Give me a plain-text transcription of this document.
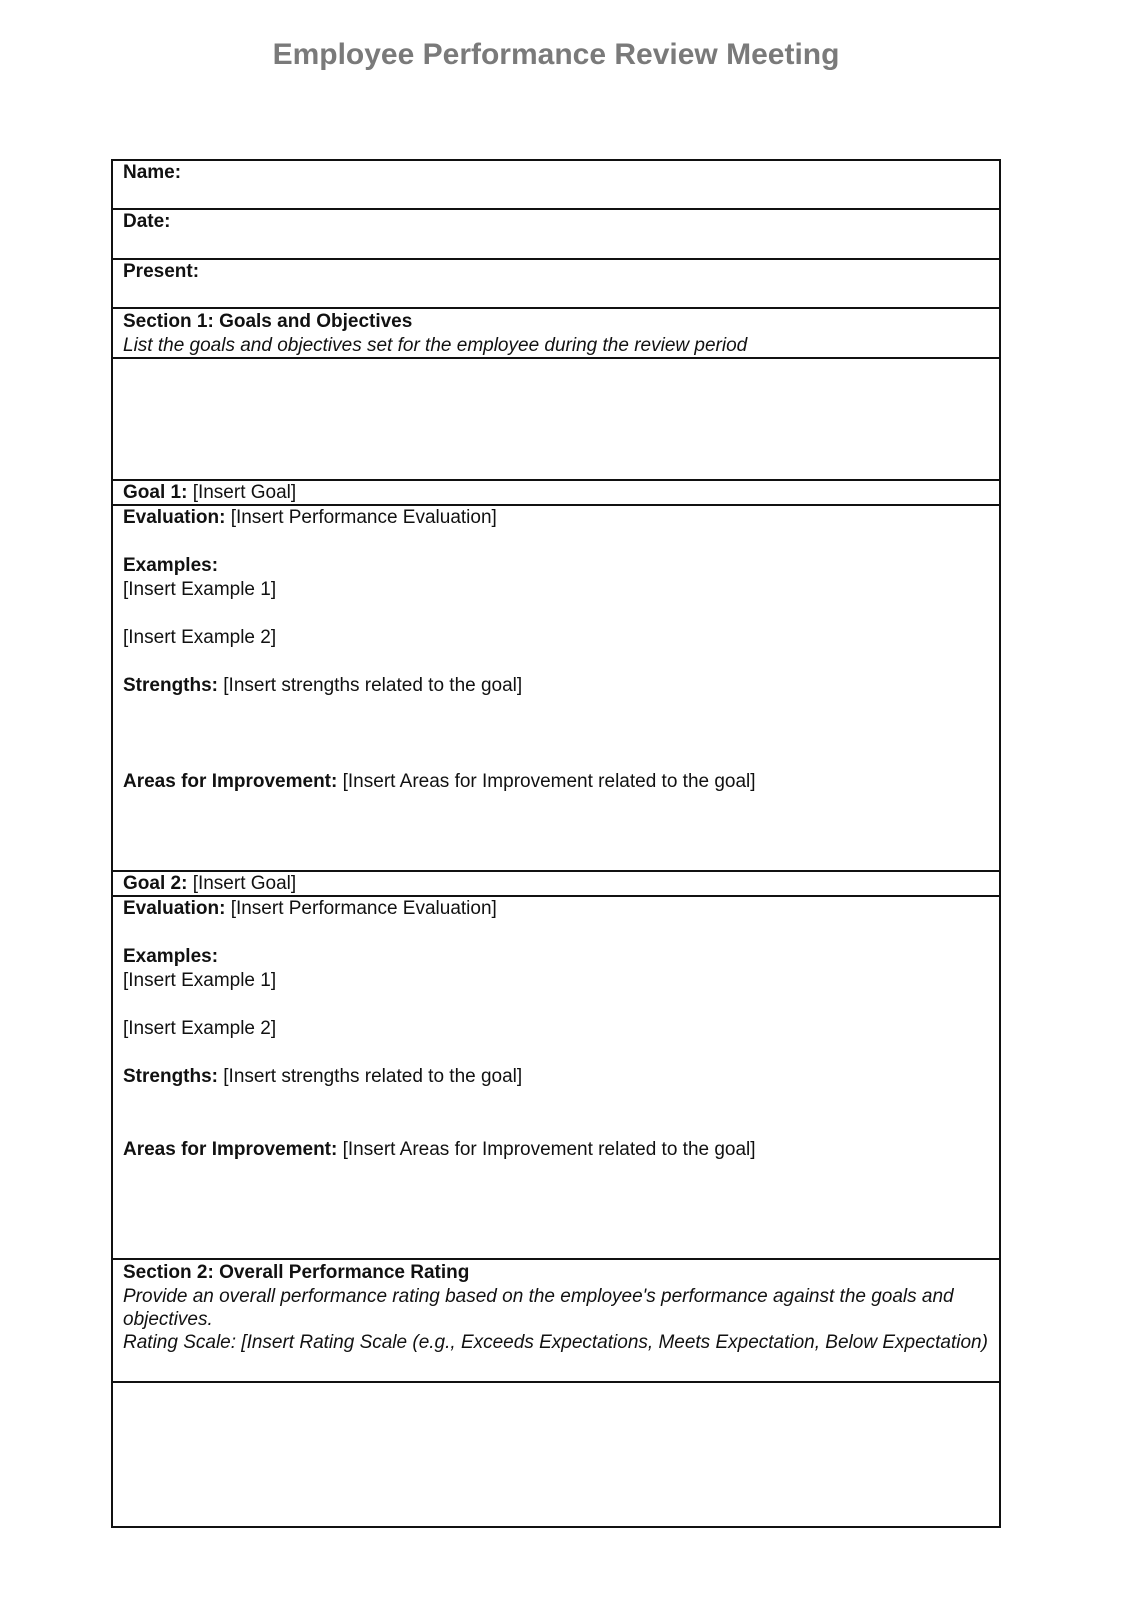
Employee Performance Review Meeting
Name:
Date:
Present:
Section 1: Goals and Objectives
List the goals and objectives set for the employee during the review period
Goal 1: [Insert Goal]
Evaluation: [Insert Performance Evaluation]
Examples:
[Insert Example 1]
[Insert Example 2]
Strengths: [Insert strengths related to the goal]
Areas for Improvement: [Insert Areas for Improvement related to the goal]
Goal 2: [Insert Goal]
Evaluation: [Insert Performance Evaluation]
Examples:
[Insert Example 1]
[Insert Example 2]
Strengths: [Insert strengths related to the goal]
Areas for Improvement: [Insert Areas for Improvement related to the goal]
Section 2: Overall Performance Rating
Provide an overall performance rating based on the employee's performance against the goals and objectives.
Rating Scale: [Insert Rating Scale (e.g., Exceeds Expectations, Meets Expectation, Below Expectation)
